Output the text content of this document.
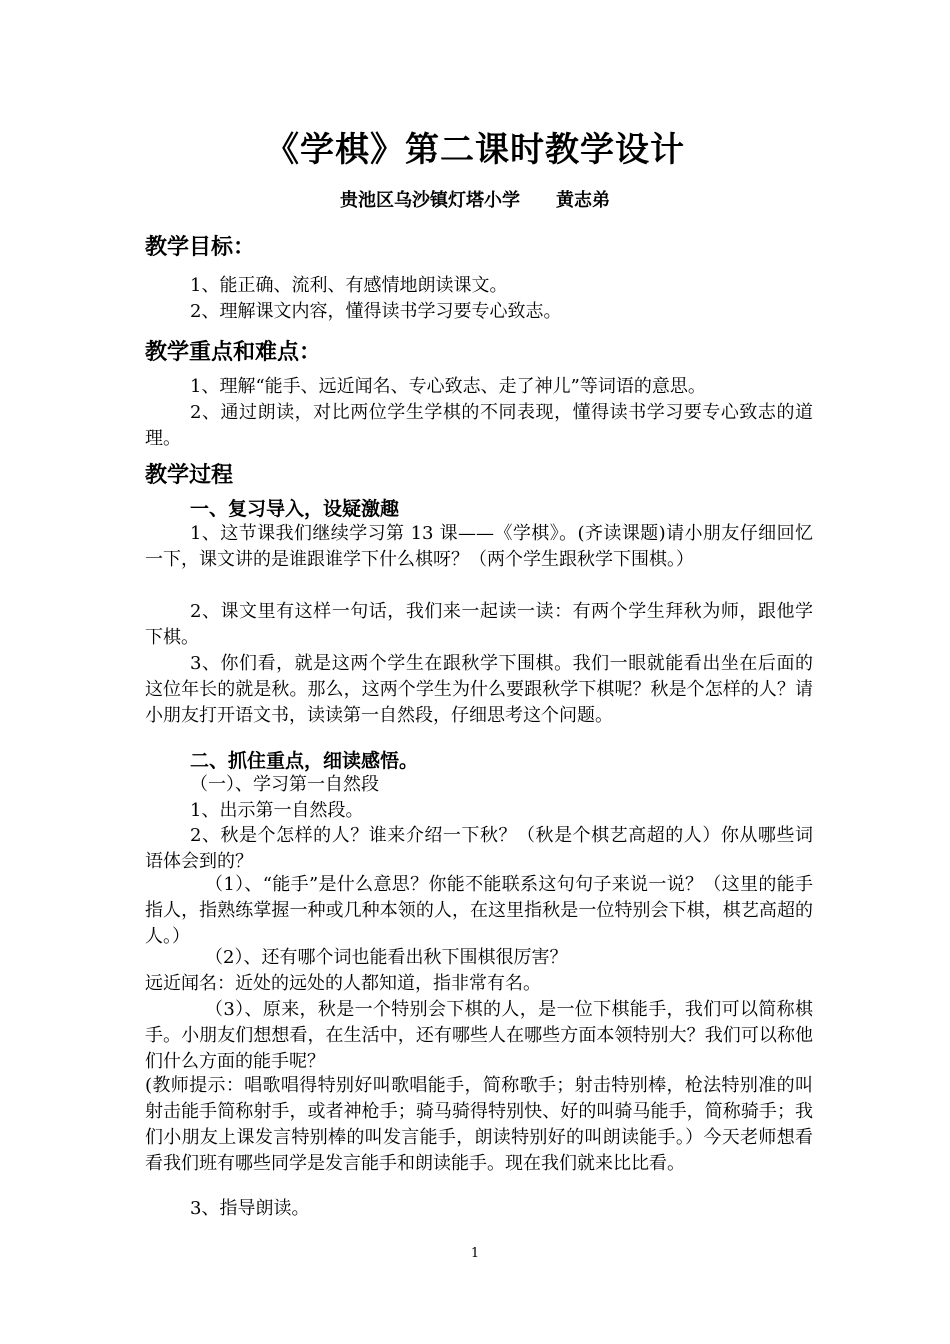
《学棋》第二课时教学设计
贵池区乌沙镇灯塔小学　　黄志弟
教学目标：
1、能正确、流利、有感情地朗读课文。
2、理解课文内容，懂得读书学习要专心致志。
教学重点和难点：
1、理解“能手、远近闻名、专心致志、走了神儿”等词语的意思。
2、通过朗读，对比两位学生学棋的不同表现，懂得读书学习要专心致志的道理。
教学过程
一、复习导入，设疑激趣
1、这节课我们继续学习第 13 课——《学棋》。(齐读课题)请小朋友仔细回忆一下，课文讲的是谁跟谁学下什么棋呀？（两个学生跟秋学下围棋。）
2、课文里有这样一句话，我们来一起读一读：有两个学生拜秋为师，跟他学下棋。
3、你们看，就是这两个学生在跟秋学下围棋。我们一眼就能看出坐在后面的这位年长的就是秋。那么，这两个学生为什么要跟秋学下棋呢？秋是个怎样的人？请小朋友打开语文书，读读第一自然段，仔细思考这个问题。
二、抓住重点，细读感悟。
（一）、学习第一自然段
1、出示第一自然段。
2、秋是个怎样的人？谁来介绍一下秋？（秋是个棋艺高超的人）你从哪些词语体会到的？
（1）、“能手”是什么意思？你能不能联系这句句子来说一说？（这里的能手指人，指熟练掌握一种或几种本领的人，在这里指秋是一位特别会下棋，棋艺高超的人。）
（2）、还有哪个词也能看出秋下围棋很厉害？
远近闻名：近处的远处的人都知道，指非常有名。
（3）、原来，秋是一个特别会下棋的人，是一位下棋能手，我们可以简称棋手。小朋友们想想看，在生活中，还有哪些人在哪些方面本领特别大？我们可以称他们什么方面的能手呢？
(教师提示：唱歌唱得特别好叫歌唱能手，简称歌手；射击特别棒，枪法特别准的叫射击能手简称射手，或者神枪手；骑马骑得特别快、好的叫骑马能手，简称骑手；我们小朋友上课发言特别棒的叫发言能手，朗读特别好的叫朗读能手。）今天老师想看看我们班有哪些同学是发言能手和朗读能手。现在我们就来比比看。
3、指导朗读。
1
